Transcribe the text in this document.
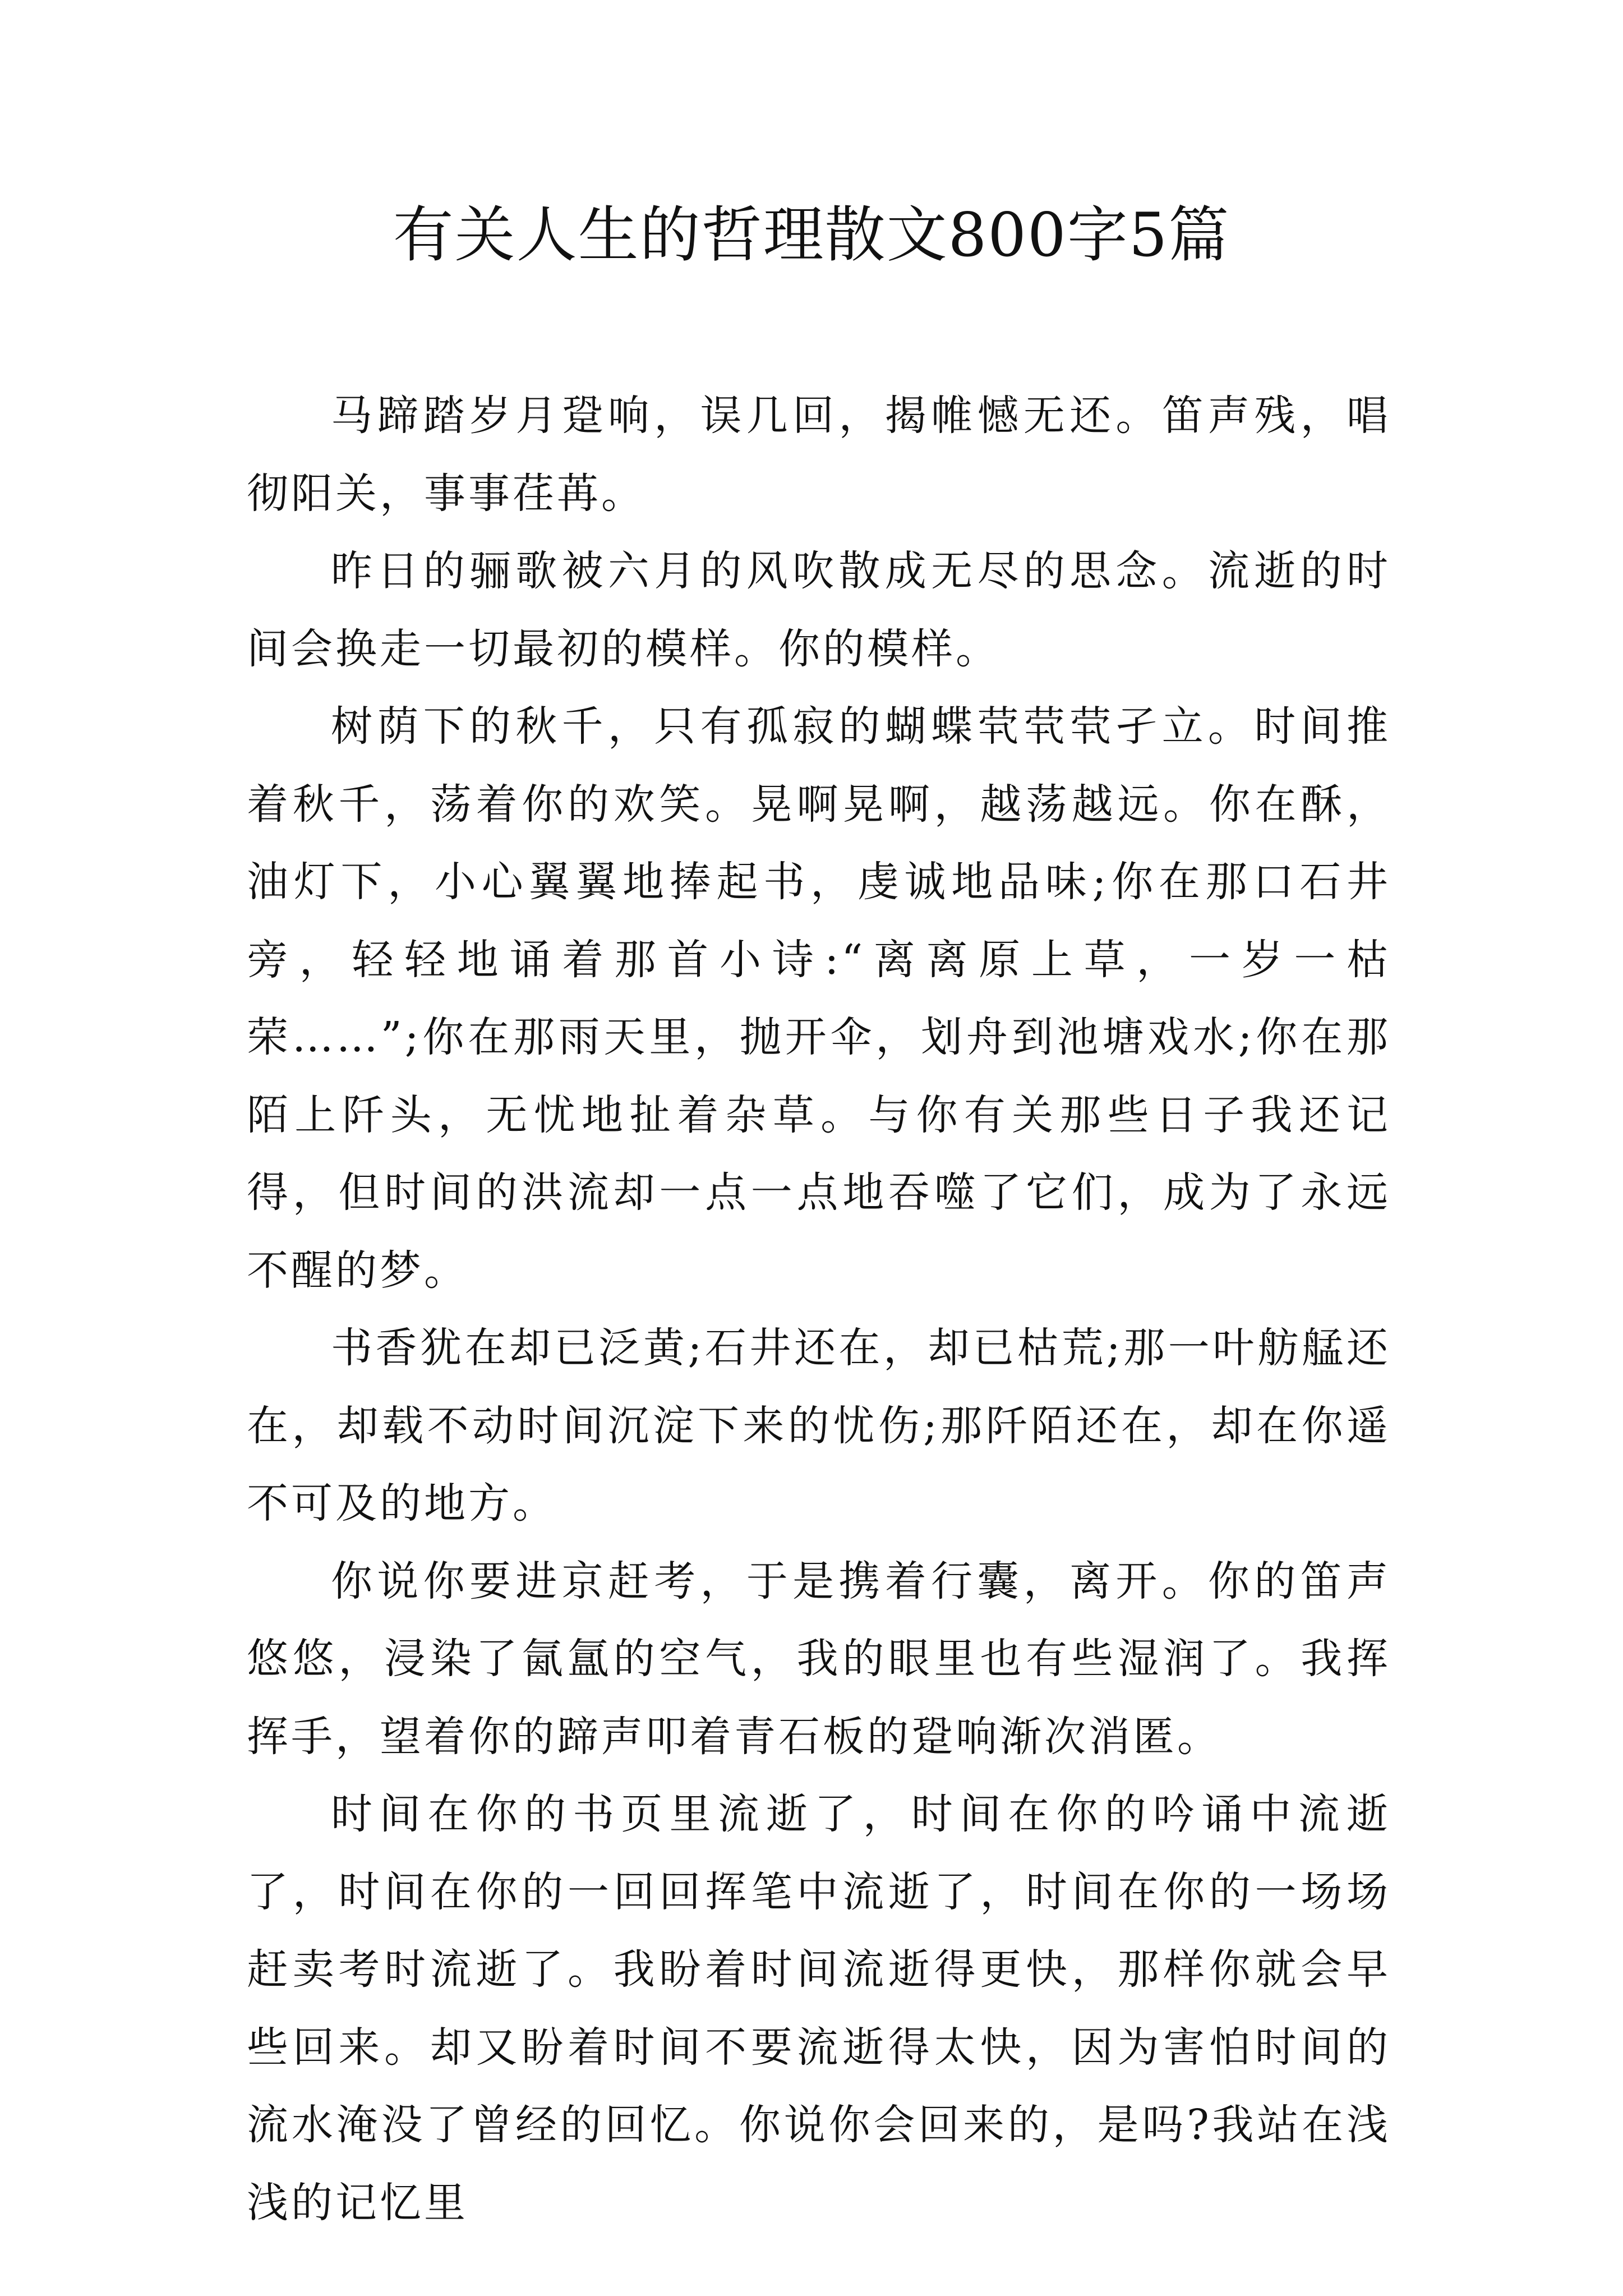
有关人生的哲理散文800字5篇

马蹄踏岁月跫响，误几回，揭帷憾无还。笛声残，唱彻阳关，事事荏苒。

昨日的骊歌被六月的风吹散成无尽的思念。流逝的时间会换走一切最初的模样。你的模样。

树荫下的秋千，只有孤寂的蝴蝶茕茕茕孑立。时间推着秋千，荡着你的欢笑。晃啊晃啊，越荡越远。你在酥，油灯下，小心翼翼地捧起书，虔诚地品味;你在那口石井旁，轻轻地诵着那首小诗:“离离原上草，一岁一枯荣……”;你在那雨天里，抛开伞，划舟到池塘戏水;你在那陌上阡头，无忧地扯着杂草。与你有关那些日子我还记得，但时间的洪流却一点一点地吞噬了它们，成为了永远不醒的梦。

书香犹在却已泛黄;石井还在，却已枯荒;那一叶舫艋还在，却载不动时间沉淀下来的忧伤;那阡陌还在，却在你遥不可及的地方。

你说你要进京赶考，于是携着行囊，离开。你的笛声悠悠，浸染了氤氲的空气，我的眼里也有些湿润了。我挥挥手，望着你的蹄声叩着青石板的跫响渐次消匿。

时间在你的书页里流逝了，时间在你的吟诵中流逝了，时间在你的一回回挥笔中流逝了，时间在你的一场场赶卖考时流逝了。我盼着时间流逝得更快，那样你就会早些回来。却又盼着时间不要流逝得太快，因为害怕时间的流水淹没了曾经的回忆。你说你会回来的，是吗?我站在浅浅的记忆里
